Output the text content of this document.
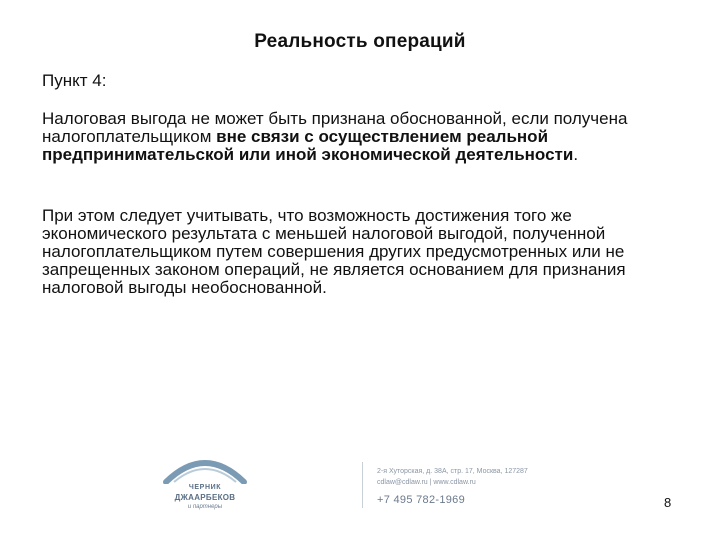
Реальность операций
Пункт 4:

Налоговая выгода не может быть признана обоснованной, если получена налогоплательщиком вне связи с осуществлением реальной предпринимательской или иной экономической деятельности.

При этом следует учитывать, что возможность достижения того же экономического результата с меньшей налоговой выгодой, полученной налогоплательщиком путем совершения других предусмотренных или не запрещенных законом операций, не является основанием для признания налоговой выгоды необоснованной.

ЧЕРНИК
ДЖААРБЕКОВ
и партнеры
2-я Хуторская, д. 38А, стр. 17, Москва, 127287
cdlaw@cdlaw.ru | www.cdlaw.ru
+7 495 782-1969	8
